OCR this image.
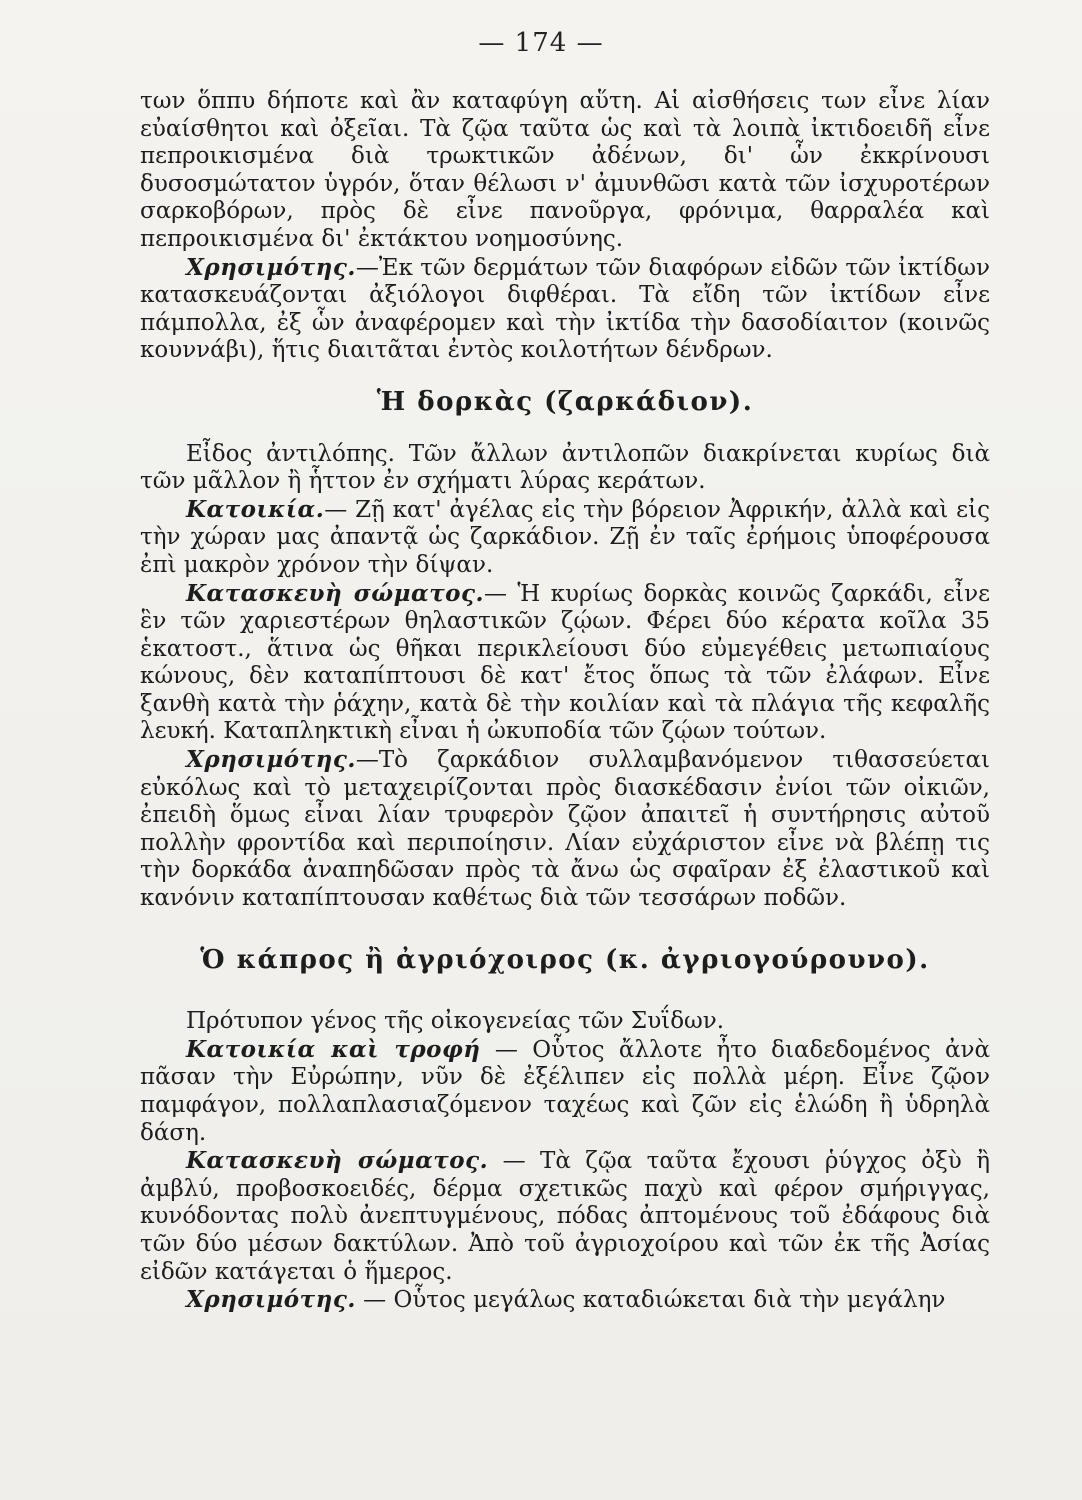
— 174 —

των ὅππυ δήποτε καὶ ἂν καταφύγη αὕτη. Αἱ αἰσθήσεις των εἶνε λίαν εὐαίσθητοι καὶ ὀξεῖαι. Τὰ ζῷα ταῦτα ὡς καὶ τὰ λοιπὰ ἰκτιδοειδῆ εἶνε πεπροικισμένα διὰ τρωκτικῶν ἀδένων, δι' ὧν ἐκκρίνουσι δυσοσμώτατον ὑγρόν, ὅταν θέλωσι ν' ἀμυνθῶσι κατὰ τῶν ἰσχυροτέρων σαρκοβόρων, πρὸς δὲ εἶνε πανοῦργα, φρόνιμα, θαρραλέα καὶ πεπροικισμένα δι' ἐκτάκτου νοημοσύνης.

Χρησιμότης.—Ἐκ τῶν δερμάτων τῶν διαφόρων εἰδῶν τῶν ἰκτίδων κατασκευάζονται ἀξιόλογοι διφθέραι. Τὰ εἴδη τῶν ἰκτίδων εἶνε πάμπολλα, ἐξ ὧν ἀναφέρομεν καὶ τὴν ἰκτίδα τὴν δασοδίαιτον (κοινῶς κουννάβι), ἥτις διαιτᾶται ἐντὸς κοιλοτήτων δένδρων.

Ἡ δορκὰς (ζαρκάδιον).

Εἶδος ἀντιλόπης. Τῶν ἄλλων ἀντιλοπῶν διακρίνεται κυρίως διὰ τῶν μᾶλλον ἢ ἧττον ἐν σχήματι λύρας κεράτων.

Κατοικία.— Ζῇ κατ' ἀγέλας εἰς τὴν βόρειον Ἀφρικήν, ἀλλὰ καὶ εἰς τὴν χώραν μας ἀπαντᾷ ὡς ζαρκάδιον. Ζῇ ἐν ταῖς ἐρήμοις ὑποφέρουσα ἐπὶ μακρὸν χρόνον τὴν δίψαν.

Κατασκευὴ σώματος.— Ἡ κυρίως δορκὰς κοινῶς ζαρκάδι, εἶνε ἓν τῶν χαριεστέρων θηλαστικῶν ζῴων. Φέρει δύο κέρατα κοῖλα 35 ἑκατοστ., ἅτινα ὡς θῆκαι περικλείουσι δύο εὐμεγέθεις μετωπιαίους κώνους, δὲν καταπίπτουσι δὲ κατ' ἔτος ὅπως τὰ τῶν ἐλάφων. Εἶνε ξανθὴ κατὰ τὴν ῥάχην, κατὰ δὲ τὴν κοιλίαν καὶ τὰ πλάγια τῆς κεφαλῆς λευκή. Καταπληκτικὴ εἶναι ἡ ὠκυποδία τῶν ζῴων τούτων.

Χρησιμότης.—Τὸ ζαρκάδιον συλλαμβανόμενον τιθασσεύεται εὐκόλως καὶ τὸ μεταχειρίζονται πρὸς διασκέδασιν ἐνίοι τῶν οἰκιῶν, ἐπειδὴ ὅμως εἶναι λίαν τρυφερὸν ζῷον ἀπαιτεῖ ἡ συντήρησις αὐτοῦ πολλὴν φροντίδα καὶ περιποίησιν. Λίαν εὐχάριστον εἶνε νὰ βλέπῃ τις τὴν δορκάδα ἀναπηδῶσαν πρὸς τὰ ἄνω ὡς σφαῖραν ἐξ ἐλαστικοῦ καὶ κανόνιν καταπίπτουσαν καθέτως διὰ τῶν τεσσάρων ποδῶν.

Ὁ κάπρος ἢ ἀγριόχοιρος (κ. ἀγριογούρουνο).

Πρότυπον γένος τῆς οἰκογενείας τῶν Συΐδων.

Κατοικία καὶ τροφή — Οὗτος ἄλλοτε ἦτο διαδεδομένος ἀνὰ πᾶσαν τὴν Εὐρώπην, νῦν δὲ ἐξέλιπεν εἰς πολλὰ μέρη. Εἶνε ζῷον παμφάγον, πολλαπλασιαζόμενον ταχέως καὶ ζῶν εἰς ἑλώδη ἢ ὑδρηλὰ δάση.

Κατασκευὴ σώματος. — Τὰ ζῷα ταῦτα ἔχουσι ῥύγχος ὀξὺ ἢ ἀμβλύ, προβοσκοειδές, δέρμα σχετικῶς παχὺ καὶ φέρον σμήριγγας, κυνόδοντας πολὺ ἀνεπτυγμένους, πόδας ἀπτομένους τοῦ ἐδάφους διὰ τῶν δύο μέσων δακτύλων. Ἀπὸ τοῦ ἀγριοχοίρου καὶ τῶν ἐκ τῆς Ἀσίας εἰδῶν κατάγεται ὁ ἥμερος.

Χρησιμότης. — Οὗτος μεγάλως καταδιώκεται διὰ τὴν μεγάλην
